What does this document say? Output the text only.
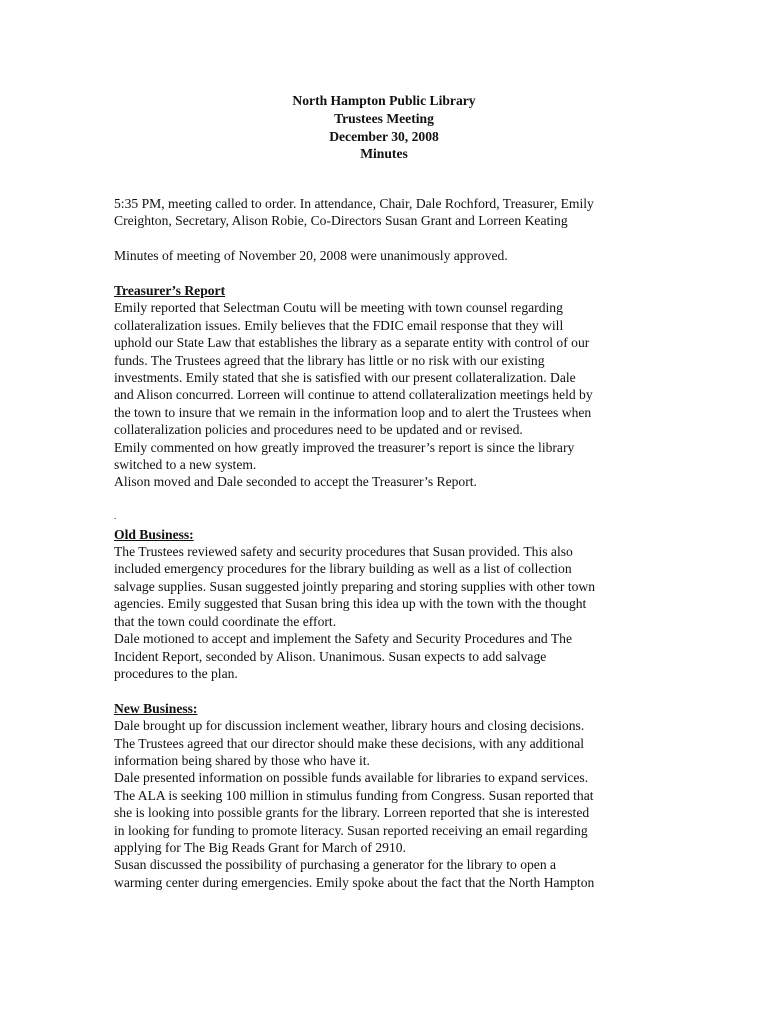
North Hampton Public Library
Trustees Meeting
December 30, 2008
Minutes

5:35 PM, meeting called to order. In attendance, Chair, Dale Rochford, Treasurer, Emily
Creighton, Secretary, Alison Robie, Co-Directors Susan Grant and Lorreen Keating

Minutes of meeting of November 20, 2008 were unanimously approved.

Treasurer’s Report
Emily reported that Selectman Coutu will be meeting with town counsel regarding
collateralization issues. Emily believes that the FDIC email response that they will
uphold our State Law that establishes the library as a separate entity with control of our
funds. The Trustees agreed that the library has little or no risk with our existing
investments. Emily stated that she is satisfied with our present collateralization. Dale
and Alison concurred. Lorreen will continue to attend collateralization meetings held by
the town to insure that we remain in the information loop and to alert the Trustees when
collateralization policies and procedures need to be updated and or revised.
Emily commented on how greatly improved the treasurer’s report is since the library
switched to a new system.
Alison moved and Dale seconded to accept the Treasurer’s Report.
.
Old Business:
The Trustees reviewed safety and security procedures that Susan provided. This also
included emergency procedures for the library building as well as a list of collection
salvage supplies. Susan suggested jointly preparing and storing supplies with other town
agencies. Emily suggested that Susan bring this idea up with the town with the thought
that the town could coordinate the effort.
Dale motioned to accept and implement the Safety and Security Procedures and The
Incident Report, seconded by Alison. Unanimous. Susan expects to add salvage
procedures to the plan.
New Business:
Dale brought up for discussion inclement weather, library hours and closing decisions.
The Trustees agreed that our director should make these decisions, with any additional
information being shared by those who have it.
Dale presented information on possible funds available for libraries to expand services.
The ALA is seeking 100 million in stimulus funding from Congress. Susan reported that
she is looking into possible grants for the library. Lorreen reported that she is interested
in looking for funding to promote literacy. Susan reported receiving an email regarding
applying for The Big Reads Grant for March of 2910.
Susan discussed the possibility of purchasing a generator for the library to open a
warming center during emergencies. Emily spoke about the fact that the North Hampton
